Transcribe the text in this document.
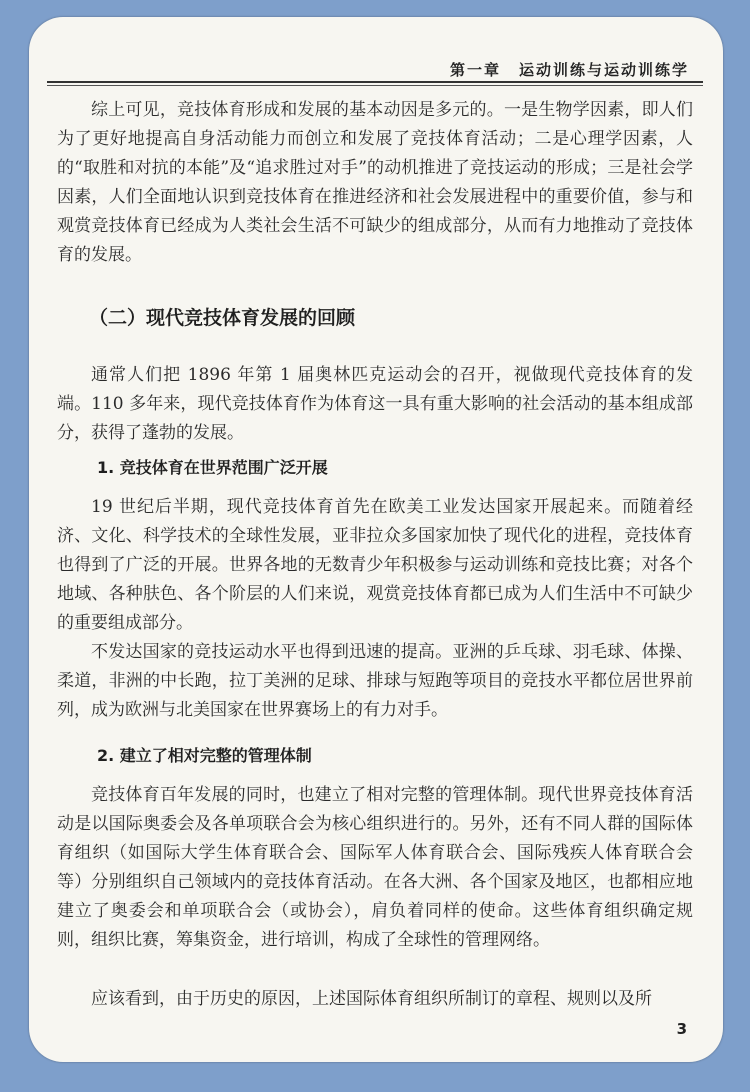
第一章 运动训练与运动训练学

综上可见，竞技体育形成和发展的基本动因是多元的。一是生物学因素，即人们为了更好地提高自身活动能力而创立和发展了竞技体育活动；二是心理学因素，人的“取胜和对抗的本能”及“追求胜过对手”的动机推进了竞技运动的形成；三是社会学因素，人们全面地认识到竞技体育在推进经济和社会发展进程中的重要价值，参与和观赏竞技体育已经成为人类社会生活不可缺少的组成部分，从而有力地推动了竞技体育的发展。

（二）现代竞技体育发展的回顾

通常人们把 1896 年第 1 届奥林匹克运动会的召开，视做现代竞技体育的发端。110 多年来，现代竞技体育作为体育这一具有重大影响的社会活动的基本组成部分，获得了蓬勃的发展。

1. 竞技体育在世界范围广泛开展

19 世纪后半期，现代竞技体育首先在欧美工业发达国家开展起来。而随着经济、文化、科学技术的全球性发展，亚非拉众多国家加快了现代化的进程，竞技体育也得到了广泛的开展。世界各地的无数青少年积极参与运动训练和竞技比赛；对各个地域、各种肤色、各个阶层的人们来说，观赏竞技体育都已成为人们生活中不可缺少的重要组成部分。

不发达国家的竞技运动水平也得到迅速的提高。亚洲的乒乓球、羽毛球、体操、柔道，非洲的中长跑，拉丁美洲的足球、排球与短跑等项目的竞技水平都位居世界前列，成为欧洲与北美国家在世界赛场上的有力对手。

2. 建立了相对完整的管理体制

竞技体育百年发展的同时，也建立了相对完整的管理体制。现代世界竞技体育活动是以国际奥委会及各单项联合会为核心组织进行的。另外，还有不同人群的国际体育组织（如国际大学生体育联合会、国际军人体育联合会、国际残疾人体育联合会等）分别组织自己领域内的竞技体育活动。在各大洲、各个国家及地区，也都相应地建立了奥委会和单项联合会（或协会），肩负着同样的使命。这些体育组织确定规则，组织比赛，筹集资金，进行培训，构成了全球性的管理网络。

应该看到，由于历史的原因，上述国际体育组织所制订的章程、规则以及所

3
